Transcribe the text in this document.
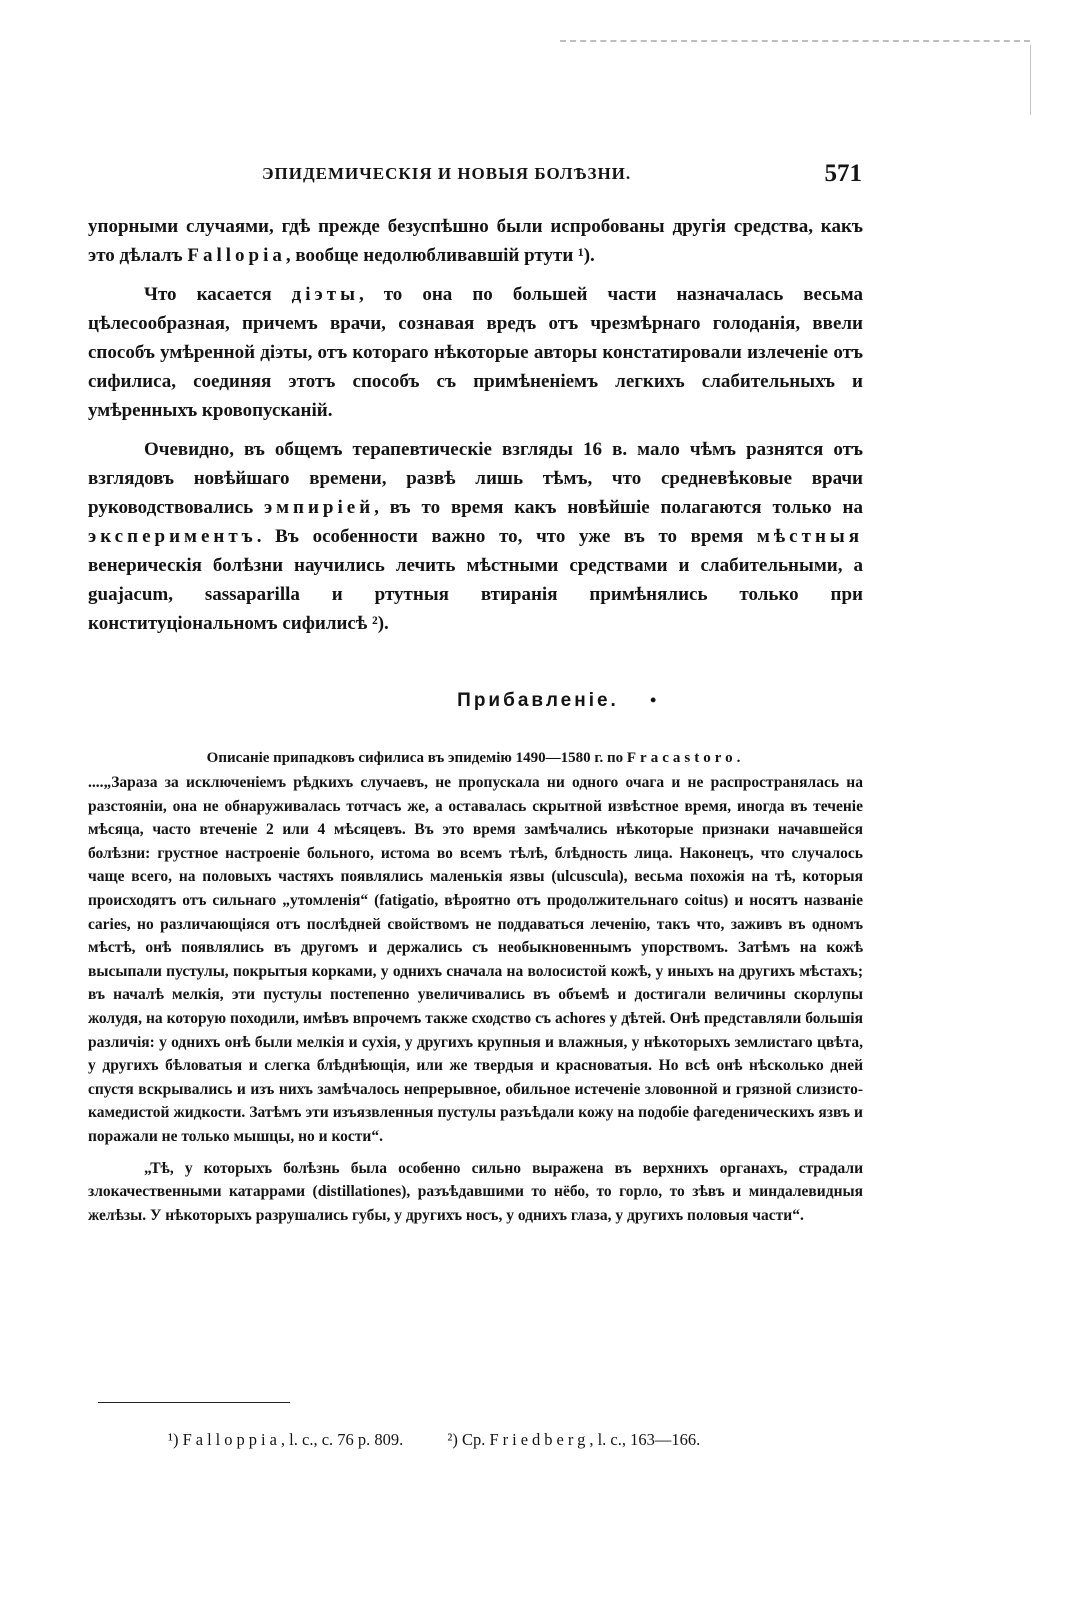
ЭПИДЕМИЧЕСКІЯ И НОВЫЯ БОЛѢЗНИ.	571

упорными случаями, гдѣ прежде безуспѣшно были испробованы другія средства, какъ это дѣлалъ Fallopia, вообще недолюбливавшій ртути ¹).

Что касается діэты, то она по большей части назначалась весьма цѣлесообразная, причемъ врачи, сознавая вредъ отъ чрезмѣрнаго голоданія, ввели способъ умѣренной діэты, отъ котораго нѣкоторые авторы констатировали излеченіе отъ сифилиса, соединяя этотъ способъ съ примѣненіемъ легкихъ слабительныхъ и умѣренныхъ кровопусканій.

Очевидно, въ общемъ терапевтическіе взгляды 16 в. мало чѣмъ разнятся отъ взглядовъ новѣйшаго времени, развѣ лишь тѣмъ, что средневѣковые врачи руководствовались эмпиріей, въ то время какъ новѣйшіе полагаются только на экспериментъ. Въ особенности важно то, что уже въ то время мѣстныя венерическія болѣзни научились лечить мѣстными средствами и слабительными, а guajacum, sassaparilla и ртутныя втиранія примѣнялись только при конституціональномъ сифилисѣ ²).

Прибавленіе.	•

Описаніе припадковъ сифилиса въ эпидемію 1490—1580 г. по Fracastoro.

....„Зараза за исключеніемъ рѣдкихъ случаевъ, не пропускала ни одного очага и не распространялась на разстояніи, она не обнаруживалась тотчасъ же, а оставалась скрытной извѣстное время, иногда въ теченіе мѣсяца, часто втеченіе 2 или 4 мѣсяцевъ. Въ это время замѣчались нѣкоторые признаки начавшейся болѣзни: грустное настроеніе больного, истома во всемъ тѣлѣ, блѣдность лица. Наконецъ, что случалось чаще всего, на половыхъ частяхъ появлялись маленькія язвы (ulcuscula), весьма похожія на тѣ, которыя происходятъ отъ сильнаго „утомленія“ (fatigatio, вѣроятно отъ продолжительнаго coitus) и носятъ названіе caries, но различающіяся отъ послѣдней свойствомъ не поддаваться леченію, такъ что, заживъ въ одномъ мѣстѣ, онѣ появлялись въ другомъ и держались съ необыкновеннымъ упорствомъ. Затѣмъ на кожѣ высыпали пустулы, покрытыя корками, у однихъ сначала на волосистой кожѣ, у иныхъ на другихъ мѣстахъ; въ началѣ мелкія, эти пустулы постепенно увеличивались въ объемѣ и достигали величины скорлупы жолудя, на которую походили, имѣвъ впрочемъ также сходство съ achores у дѣтей. Онѣ представляли большія различія: у однихъ онѣ были мелкія и сухія, у другихъ крупныя и влажныя, у нѣкоторыхъ землистаго цвѣта, у другихъ бѣловатыя и слегка блѣднѣющія, или же твердыя и красноватыя. Но всѣ онѣ нѣсколько дней спустя вскрывались и изъ нихъ замѣчалось непрерывное, обильное истеченіе зловонной и грязной слизисто-камедистой жидкости. Затѣмъ эти изъязвленныя пустулы разъѣдали кожу на подобіе фагеденическихъ язвъ и поражали не только мышцы, но и кости“.

„Тѣ, у которыхъ болѣзнь была особенно сильно выражена въ верхнихъ органахъ, страдали злокачественными катаррами (distillationes), разъѣдавшими то нёбо, то горло, то зѣвъ и миндалевидныя желѣзы. У нѣкоторыхъ разрушались губы, у другихъ носъ, у однихъ глаза, у другихъ половыя части“.

¹) Falloppia, l. c., c. 76 p. 809.	²) Cp. Friedberg, l. c., 163—166.
